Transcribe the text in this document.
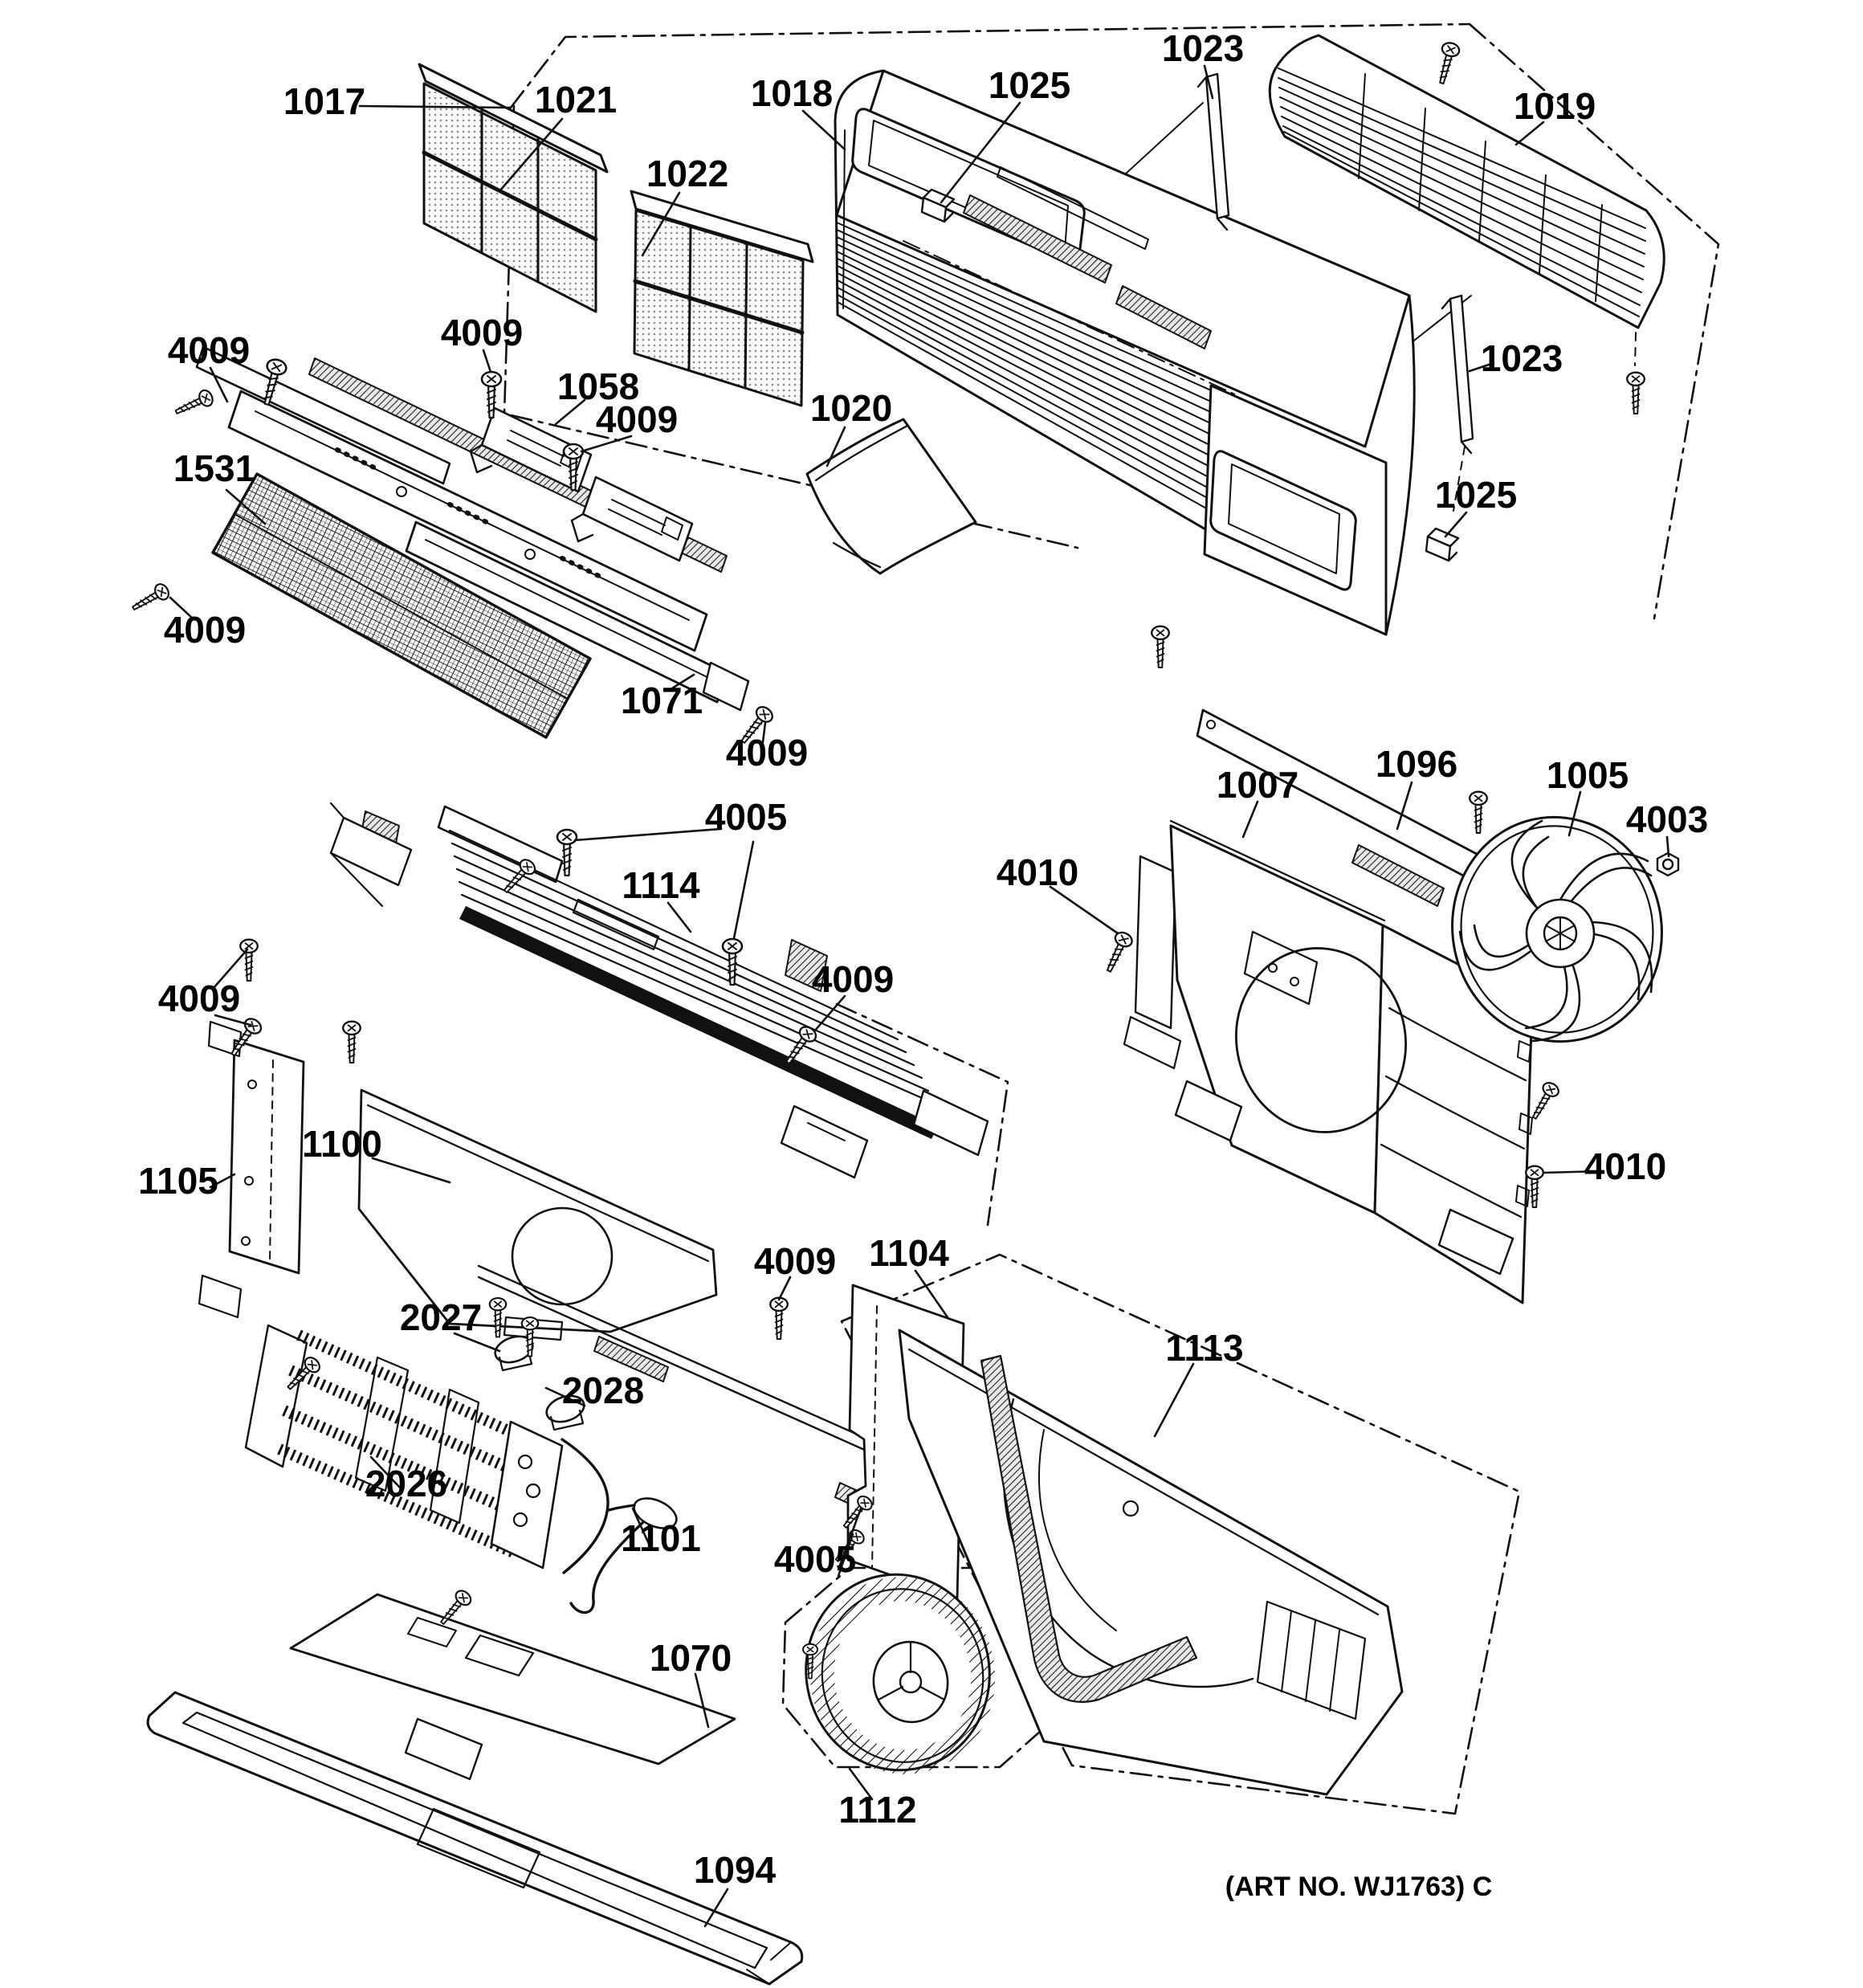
1017	1021
1022
1018	1025
1023
1019
1023
1025
1020
4009	4009
1058
4009
1531
4009
1071
4009
4005
1114
4009
4009
1105
1100
2027
2028
2026
1101
4009 1104
1113
4005
1070
1112
1094
1007 1096 1005
4003
4010
4010
(ART NO. WJ1763) C
